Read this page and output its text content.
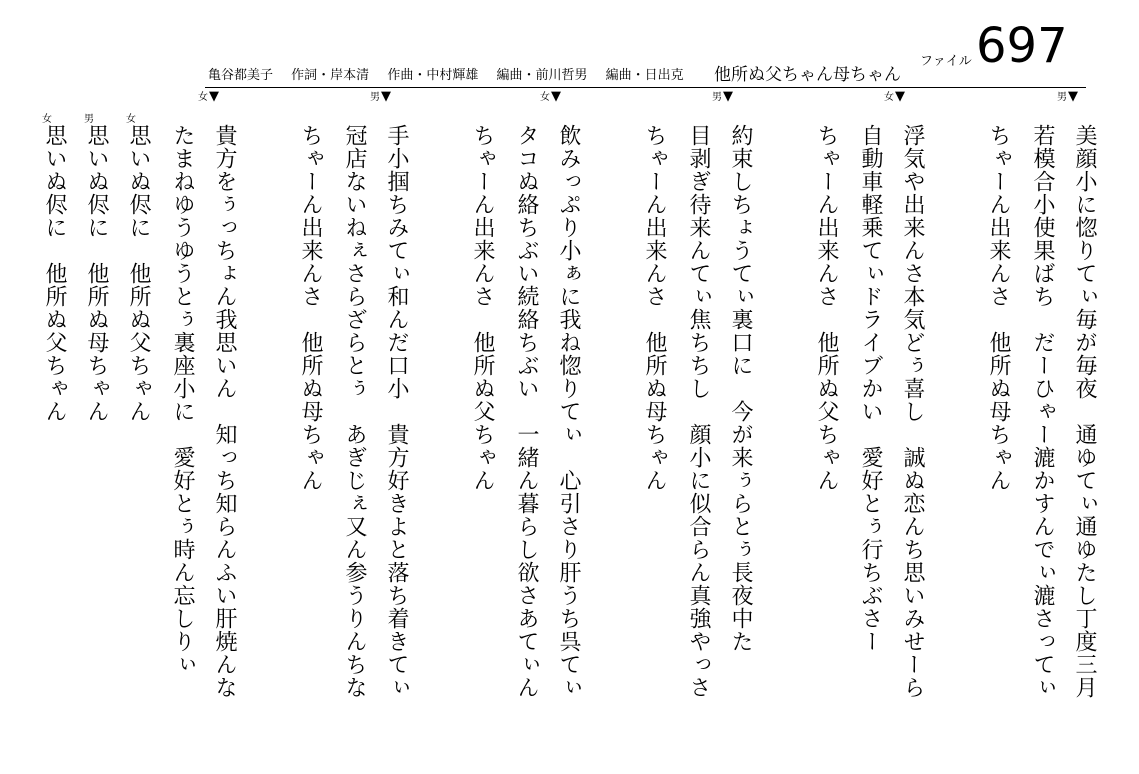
亀谷都美子 作詞・岸本清 作曲・中村輝雄 編曲・前川哲男 編曲・日出克	他所ぬ父ちゃん母ちゃん
ファイル 697
男▼
女▼
男▼
女▼
男▼
女▼
女
男
女
美顔小に惚りてぃ毎が毎夜　通ゆてぃ通ゆたし丁度三月
若模合小使果ばち　だーひゃー漉かすんでぃ漉さってぃ
ちゃーん出来んさ　他所ぬ母ちゃん
浮気や出来んさ本気どぅ喜し　誠ぬ恋んち思いみせーら
自動車軽乗てぃドライブかい　愛好とぅ行ちぶさー
ちゃーん出来んさ　他所ぬ父ちゃん
約束しちょうてぃ裏口に　今が来ぅらとぅ長夜中た
目剥ぎ待来んてぃ焦ちちし　顔小に似合らん真強やっさ
ちゃーん出来んさ　他所ぬ母ちゃん
飲みっぷり小ぁに我ね惚りてぃ　心引さり肝うち呉てぃ
タコぬ絡ちぶい続絡ちぶい　一緒ん暮らし欲さあてぃん
ちゃーん出来んさ　他所ぬ父ちゃん
手小掴ちみてぃ和んだ口小　貴方好きよと落ち着きてぃ
冠店ないねぇさらざらとぅ　あぎじぇ又ん参うりんちな
ちゃーん出来んさ　他所ぬ母ちゃん
貴方をぅっちょん我思いん　知っち知らんふい肝焼んな
たまねゆうゆうとぅ裏座小に　愛好とぅ時ん忘しりぃ
思いぬ侭に　他所ぬ父ちゃん
思いぬ侭に　他所ぬ母ちゃん
思いぬ侭に　他所ぬ父ちゃん
